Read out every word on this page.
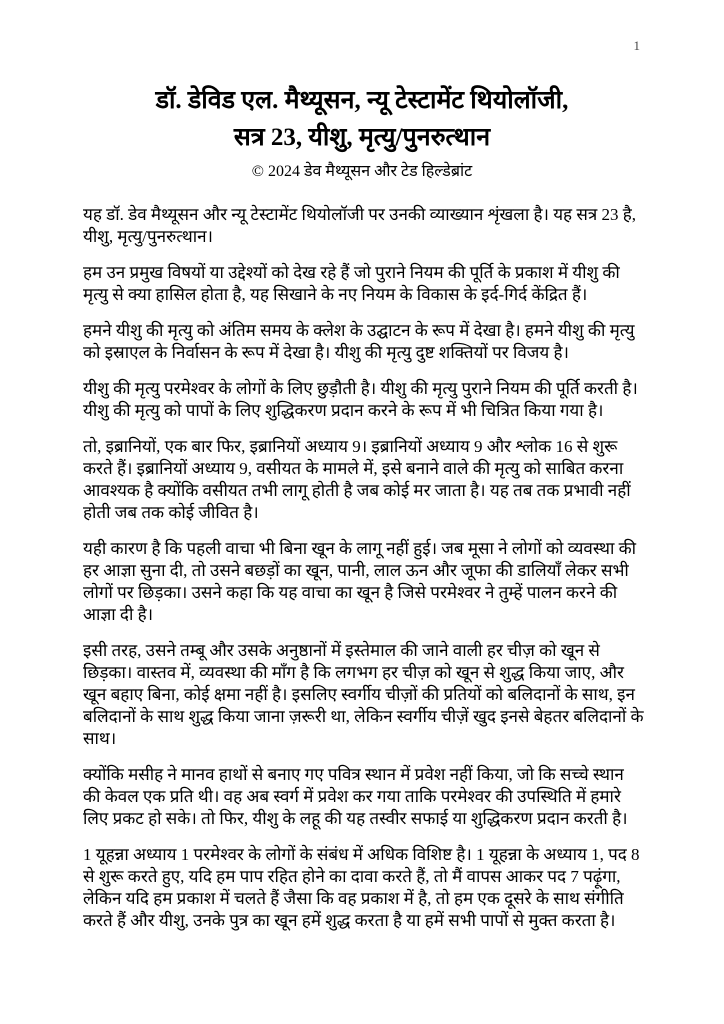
1
डॉ. डेविड एल. मैथ्यूसन, न्यू टेस्टामेंट थियोलॉजी,
सत्र 23, यीशु, मृत्यु/पुनरुत्थान
© 2024 डेव मैथ्यूसन और टेड हिल्डेब्रांट

यह डॉ. डेव मैथ्यूसन और न्यू टेस्टामेंट थियोलॉजी पर उनकी व्याख्यान शृंखला है। यह सत्र 23 है, यीशु, मृत्यु/पुनरुत्थान।

हम उन प्रमुख विषयों या उद्देश्यों को देख रहे हैं जो पुराने नियम की पूर्ति के प्रकाश में यीशु की मृत्यु से क्या हासिल होता है, यह सिखाने के नए नियम के विकास के इर्द-गिर्द केंद्रित हैं।

हमने यीशु की मृत्यु को अंतिम समय के क्लेश के उद्घाटन के रूप में देखा है। हमने यीशु की मृत्यु को इस्राएल के निर्वासन के रूप में देखा है। यीशु की मृत्यु दुष्ट शक्तियों पर विजय है।

यीशु की मृत्यु परमेश्वर के लोगों के लिए छुड़ौती है। यीशु की मृत्यु पुराने नियम की पूर्ति करती है। यीशु की मृत्यु को पापों के लिए शुद्धिकरण प्रदान करने के रूप में भी चित्रित किया गया है।

तो, इब्रानियों, एक बार फिर, इब्रानियों अध्याय 9। इब्रानियों अध्याय 9 और श्लोक 16 से शुरू करते हैं। इब्रानियों अध्याय 9, वसीयत के मामले में, इसे बनाने वाले की मृत्यु को साबित करना आवश्यक है क्योंकि वसीयत तभी लागू होती है जब कोई मर जाता है। यह तब तक प्रभावी नहीं होती जब तक कोई जीवित है।

यही कारण है कि पहली वाचा भी बिना खून के लागू नहीं हुई। जब मूसा ने लोगों को व्यवस्था की हर आज्ञा सुना दी, तो उसने बछड़ों का खून, पानी, लाल ऊन और जूफा की डालियाँ लेकर सभी लोगों पर छिड़का। उसने कहा कि यह वाचा का खून है जिसे परमेश्वर ने तुम्हें पालन करने की आज्ञा दी है।

इसी तरह, उसने तम्बू और उसके अनुष्ठानों में इस्तेमाल की जाने वाली हर चीज़ को खून से छिड़का। वास्तव में, व्यवस्था की माँग है कि लगभग हर चीज़ को खून से शुद्ध किया जाए, और खून बहाए बिना, कोई क्षमा नहीं है। इसलिए स्वर्गीय चीज़ों की प्रतियों को बलिदानों के साथ, इन बलिदानों के साथ शुद्ध किया जाना ज़रूरी था, लेकिन स्वर्गीय चीज़ें खुद इनसे बेहतर बलिदानों के साथ।

क्योंकि मसीह ने मानव हाथों से बनाए गए पवित्र स्थान में प्रवेश नहीं किया, जो कि सच्चे स्थान की केवल एक प्रति थी। वह अब स्वर्ग में प्रवेश कर गया ताकि परमेश्वर की उपस्थिति में हमारे लिए प्रकट हो सके। तो फिर, यीशु के लहू की यह तस्वीर सफाई या शुद्धिकरण प्रदान करती है।

1 यूहन्ना अध्याय 1 परमेश्वर के लोगों के संबंध में अधिक विशिष्ट है। 1 यूहन्ना के अध्याय 1, पद 8 से शुरू करते हुए, यदि हम पाप रहित होने का दावा करते हैं, तो मैं वापस आकर पद 7 पढ़ूंगा, लेकिन यदि हम प्रकाश में चलते हैं जैसा कि वह प्रकाश में है, तो हम एक दूसरे के साथ संगीति करते हैं और यीशु, उनके पुत्र का खून हमें शुद्ध करता है या हमें सभी पापों से मुक्त करता है।
